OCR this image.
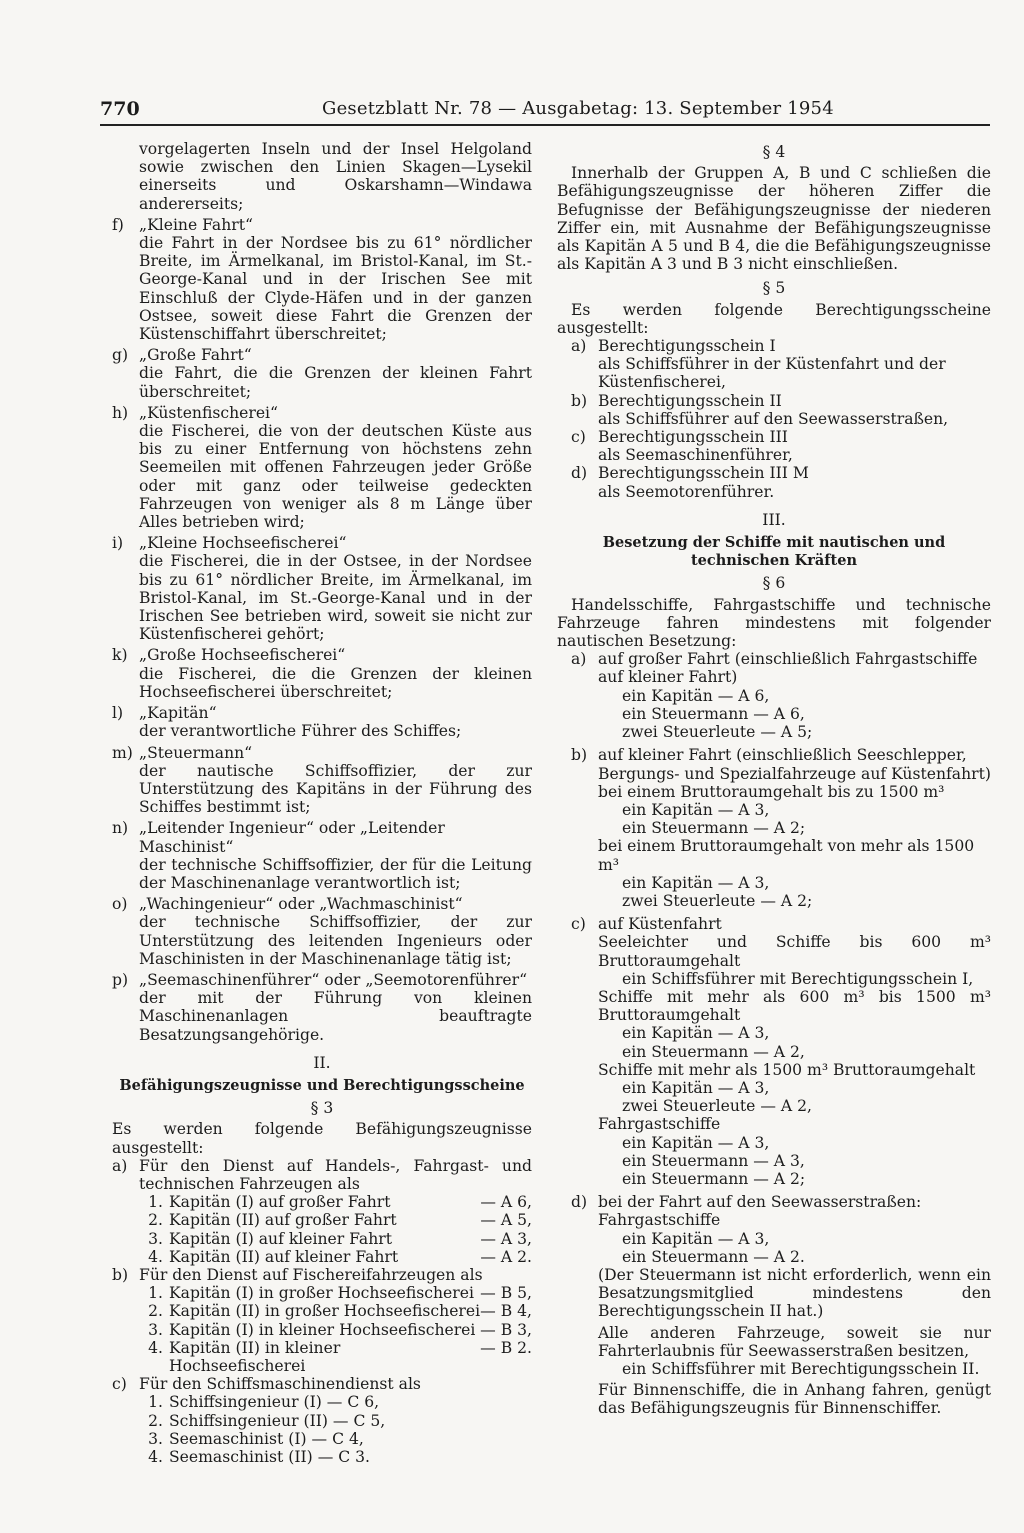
770	Gesetzblatt Nr. 78 — Ausgabetag: 13. September 1954

vorgelagerten Inseln und der Insel Helgoland sowie zwischen den Linien Skagen—Lysekil einerseits und Oskarshamn—Windawa andererseits;

f) „Kleine Fahrt“
die Fahrt in der Nordsee bis zu 61° nördlicher Breite, im Ärmelkanal, im Bristol-Kanal, im St.-George-Kanal und in der Irischen See mit Einschluß der Clyde-Häfen und in der ganzen Ostsee, soweit diese Fahrt die Grenzen der Küstenschiffahrt überschreitet;
g) „Große Fahrt“
die Fahrt, die die Grenzen der kleinen Fahrt überschreitet;
h) „Küstenfischerei“
die Fischerei, die von der deutschen Küste aus bis zu einer Entfernung von höchstens zehn Seemeilen mit offenen Fahrzeugen jeder Größe oder mit ganz oder teilweise gedeckten Fahrzeugen von weniger als 8 m Länge über Alles betrieben wird;
i) „Kleine Hochseefischerei“
die Fischerei, die in der Ostsee, in der Nordsee bis zu 61° nördlicher Breite, im Ärmelkanal, im Bristol-Kanal, im St.-George-Kanal und in der Irischen See betrieben wird, soweit sie nicht zur Küstenfischerei gehört;
k) „Große Hochseefischerei“
die Fischerei, die die Grenzen der kleinen Hochseefischerei überschreitet;
l) „Kapitän“
der verantwortliche Führer des Schiffes;
m) „Steuermann“
der nautische Schiffsoffizier, der zur Unterstützung des Kapitäns in der Führung des Schiffes bestimmt ist;
n) „Leitender Ingenieur“ oder „Leitender Maschinist“
der technische Schiffsoffizier, der für die Leitung der Maschinenanlage verantwortlich ist;
o) „Wachingenieur“ oder „Wachmaschinist“
der technische Schiffsoffizier, der zur Unterstützung des leitenden Ingenieurs oder Maschinisten in der Maschinenanlage tätig ist;
p) „Seemaschinenführer“ oder „Seemotorenführer“
der mit der Führung von kleinen Maschinenanlagen beauftragte Besatzungsangehörige.
II.
Befähigungszeugnisse und Berechtigungsscheine
§ 3

Es werden folgende Befähigungszeugnisse ausgestellt:

a) Für den Dienst auf Handels-, Fahrgast- und technischen Fahrzeugen als
1. Kapitän (I) auf großer Fahrt	— A 6,
2. Kapitän (II) auf großer Fahrt	— A 5,
3. Kapitän (I) auf kleiner Fahrt	— A 3,
4. Kapitän (II) auf kleiner Fahrt	— A 2.
b) Für den Dienst auf Fischereifahrzeugen als
1. Kapitän (I) in großer Hochseefischerei — B 5,
2. Kapitän (II) in großer Hochseefischerei — B 4,
3. Kapitän (I) in kleiner Hochseefischerei — B 3,
4. Kapitän (II) in kleiner Hochseefischerei
— B 2.
c) Für den Schiffsmaschinendienst als
1. Schiffsingenieur (I) — C 6,
2. Schiffsingenieur (II) — C 5,
3. Seemaschinist (I) — C 4,
4. Seemaschinist (II) — C 3.
§ 4

Innerhalb der Gruppen A, B und C schließen die Befähigungszeugnisse der höheren Ziffer die Befugnisse der Befähigungszeugnisse der niederen Ziffer ein, mit Ausnahme der Befähigungszeugnisse als Kapitän A 5 und B 4, die die Befähigungszeugnisse als Kapitän A 3 und B 3 nicht einschließen.

§ 5

Es werden folgende Berechtigungsscheine ausgestellt:

a) Berechtigungsschein I
als Schiffsführer in der Küstenfahrt und der Küstenfischerei,
b) Berechtigungsschein II
als Schiffsführer auf den Seewasserstraßen,
c) Berechtigungsschein III
als Seemaschinenführer,
d) Berechtigungsschein III M
als Seemotorenführer.
III.
Besetzung der Schiffe mit nautischen und technischen Kräften
§ 6

Handelsschiffe, Fahrgastschiffe und technische Fahrzeuge fahren mindestens mit folgender nautischen Besetzung:

a) auf großer Fahrt (einschließlich Fahrgastschiffe auf kleiner Fahrt)
ein Kapitän — A 6,
ein Steuermann — A 6,
zwei Steuerleute — A 5;
b) auf kleiner Fahrt (einschließlich Seeschlepper, Bergungs- und Spezialfahrzeuge auf Küstenfahrt)
bei einem Bruttoraumgehalt bis zu 1500 m³
ein Kapitän — A 3,
ein Steuermann — A 2;
bei einem Bruttoraumgehalt von mehr als 1500 m³
ein Kapitän — A 3,
zwei Steuerleute — A 2;
c) auf Küstenfahrt
Seeleichter und Schiffe bis 600 m³ Bruttoraumgehalt
ein Schiffsführer mit Berechtigungsschein I,
Schiffe mit mehr als 600 m³ bis 1500 m³ Bruttoraumgehalt
ein Kapitän — A 3,
ein Steuermann — A 2,
Schiffe mit mehr als 1500 m³ Bruttoraumgehalt
ein Kapitän — A 3,
zwei Steuerleute — A 2,
Fahrgastschiffe
ein Kapitän — A 3,
ein Steuermann — A 3,
ein Steuermann — A 2;
d) bei der Fahrt auf den Seewasserstraßen:
Fahrgastschiffe
ein Kapitän — A 3,
ein Steuermann — A 2.
(Der Steuermann ist nicht erforderlich, wenn ein Besatzungsmitglied mindestens den Berechtigungsschein II hat.)
Alle anderen Fahrzeuge, soweit sie nur Fahrterlaubnis für Seewasserstraßen besitzen,
ein Schiffsführer mit Berechtigungsschein II.
Für Binnenschiffe, die in Anhang fahren, genügt das Befähigungszeugnis für Binnenschiffer.
